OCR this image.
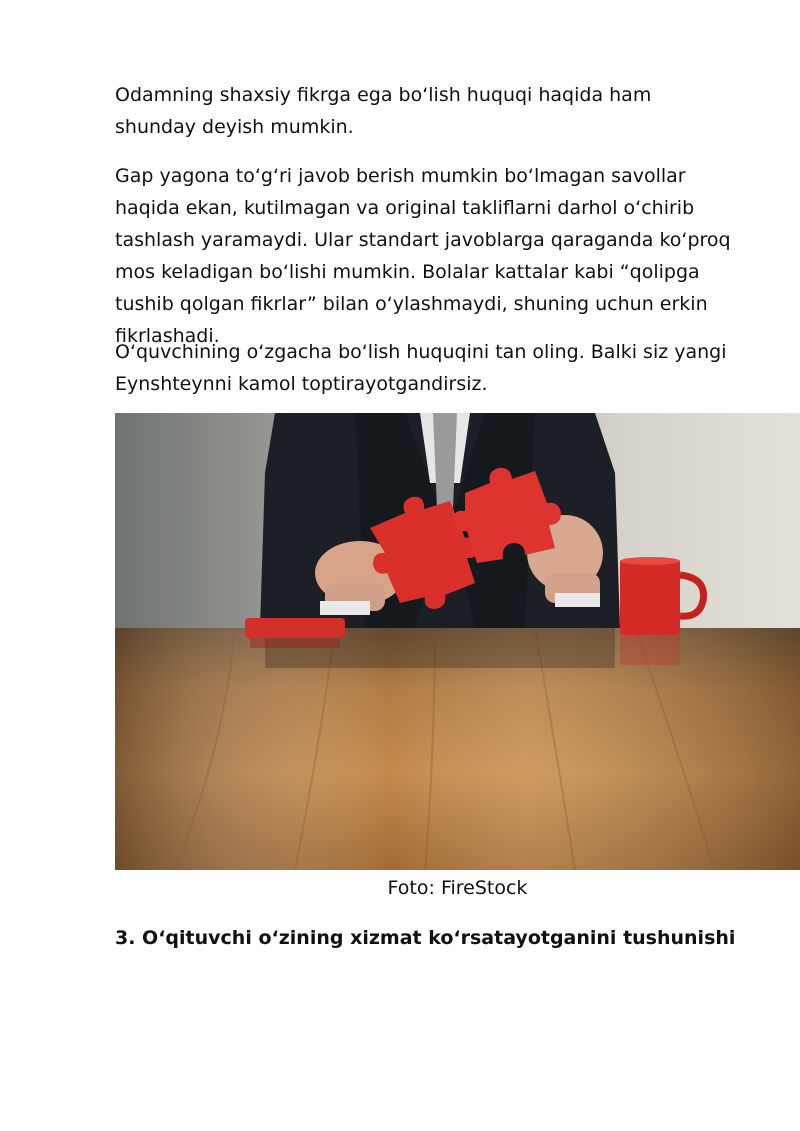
Odamning shaxsiy fikrga ega bo‘lish huquqi haqida ham shunday deyish mumkin.

Gap yagona to‘g‘ri javob berish mumkin bo‘lmagan savollar haqida ekan, kutilmagan va original takliflarni darhol o‘chirib tashlash yaramaydi. Ular standart javoblarga qaraganda ko‘proq mos keladigan bo‘lishi mumkin. Bolalar kattalar kabi “qolipga tushib qolgan fikrlar” bilan o‘ylashmaydi, shuning uchun erkin fikrlashadi.

O‘quvchining o‘zgacha bo‘lish huquqini tan oling. Balki siz yangi Eynshteynni kamol toptirayotgandirsiz.

Foto: FireStock
3. O‘qituvchi o‘zining xizmat ko‘rsatayotganini tushunishi
